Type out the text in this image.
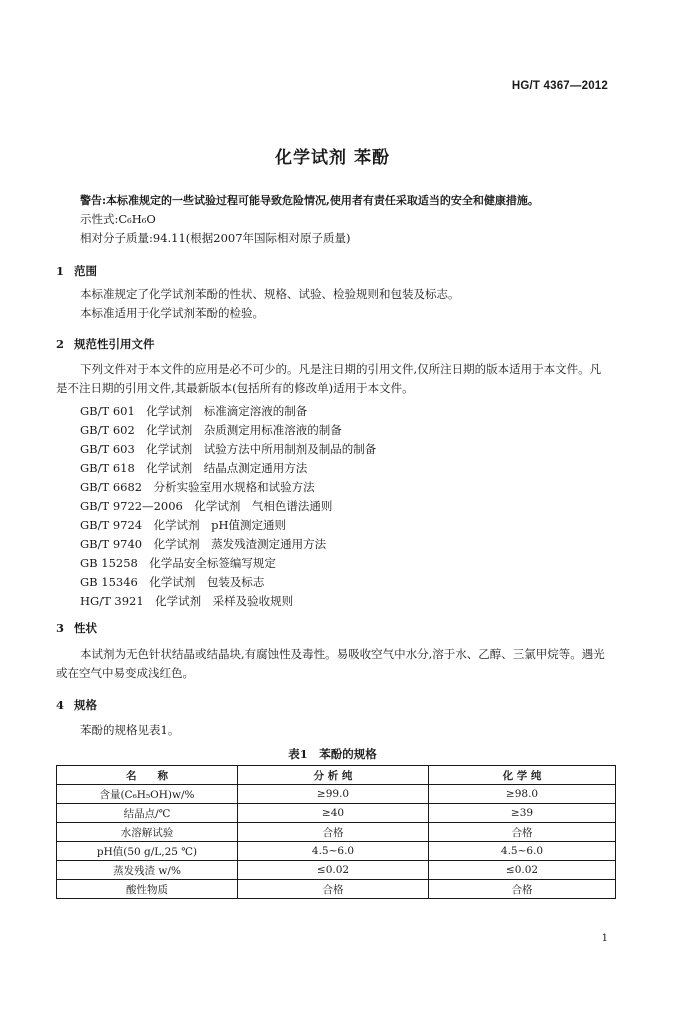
HG/T 4367—2012
化学试剂 苯酚
警告:本标准规定的一些试验过程可能导致危险情况,使用者有责任采取适当的安全和健康措施。
示性式:C₆H₆O
相对分子质量:94.11(根据2007年国际相对原子质量)
1 范围
本标准规定了化学试剂苯酚的性状、规格、试验、检验规则和包装及标志。
本标准适用于化学试剂苯酚的检验。
2 规范性引用文件
下列文件对于本文件的应用是必不可少的。凡是注日期的引用文件,仅所注日期的版本适用于本文件。凡是不注日期的引用文件,其最新版本(包括所有的修改单)适用于本文件。
GB/T 601　化学试剂　标准滴定溶液的制备
GB/T 602　化学试剂　杂质测定用标准溶液的制备
GB/T 603　化学试剂　试验方法中所用制剂及制品的制备
GB/T 618　化学试剂　结晶点测定通用方法
GB/T 6682　分析实验室用水规格和试验方法
GB/T 9722—2006　化学试剂　气相色谱法通则
GB/T 9724　化学试剂　pH值测定通则
GB/T 9740　化学试剂　蒸发残渣测定通用方法
GB 15258　化学品安全标签编写规定
GB 15346　化学试剂　包装及标志
HG/T 3921　化学试剂　采样及验收规则
3 性状
本试剂为无色针状结晶或结晶块,有腐蚀性及毒性。易吸收空气中水分,溶于水、乙醇、三氯甲烷等。遇光或在空气中易变成浅红色。
4 规格
苯酚的规格见表1。
表1　苯酚的规格
名　　称	分 析 纯	化 学 纯
含量(C₆H₅OH)w/%	≥99.0	≥98.0
结晶点/℃	≥40	≥39
水溶解试验	合格	合格
pH值(50 g/L,25 ℃)	4.5~6.0	4.5~6.0
蒸发残渣 w/%	≤0.02	≤0.02
酸性物质	合格	合格
1
